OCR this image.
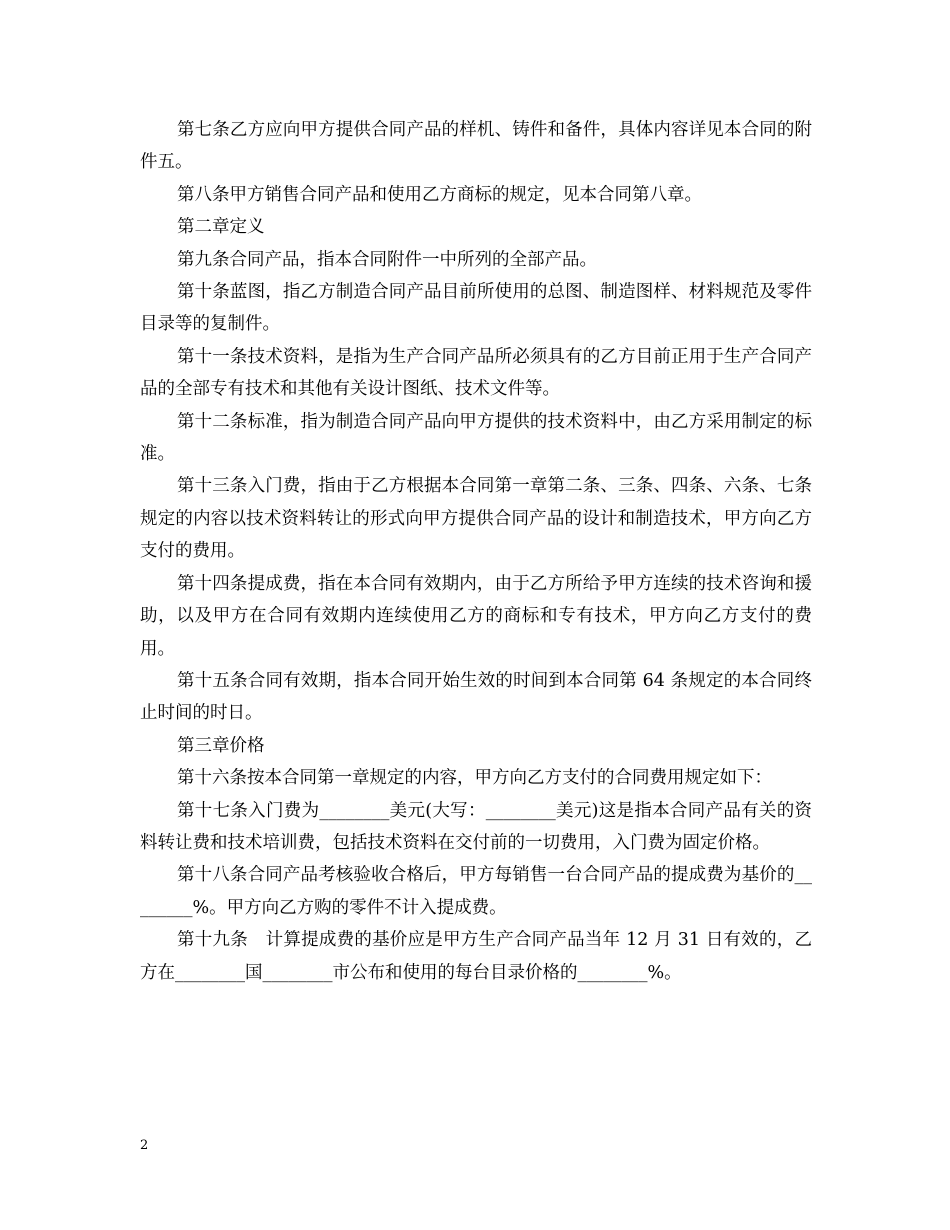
第七条乙方应向甲方提供合同产品的样机、铸件和备件，具体内容详见本合同的附件五。

第八条甲方销售合同产品和使用乙方商标的规定，见本合同第八章。

第二章定义

第九条合同产品，指本合同附件一中所列的全部产品。

第十条蓝图，指乙方制造合同产品目前所使用的总图、制造图样、材料规范及零件目录等的复制件。

第十一条技术资料，是指为生产合同产品所必须具有的乙方目前正用于生产合同产品的全部专有技术和其他有关设计图纸、技术文件等。

第十二条标准，指为制造合同产品向甲方提供的技术资料中，由乙方采用制定的标准。

第十三条入门费，指由于乙方根据本合同第一章第二条、三条、四条、六条、七条规定的内容以技术资料转让的形式向甲方提供合同产品的设计和制造技术，甲方向乙方支付的费用。

第十四条提成费，指在本合同有效期内，由于乙方所给予甲方连续的技术咨询和援助，以及甲方在合同有效期内连续使用乙方的商标和专有技术，甲方向乙方支付的费用。

第十五条合同有效期，指本合同开始生效的时间到本合同第 64 条规定的本合同终止时间的时日。

第三章价格

第十六条按本合同第一章规定的内容，甲方向乙方支付的合同费用规定如下：

第十七条入门费为________美元(大写：________美元)这是指本合同产品有关的资料转让费和技术培训费，包括技术资料在交付前的一切费用，入门费为固定价格。

第十八条合同产品考核验收合格后，甲方每销售一台合同产品的提成费为基价的________%。甲方向乙方购的零件不计入提成费。

第十九条　计算提成费的基价应是甲方生产合同产品当年 12 月 31 日有效的，乙方在________国________市公布和使用的每台目录价格的________%。

2
